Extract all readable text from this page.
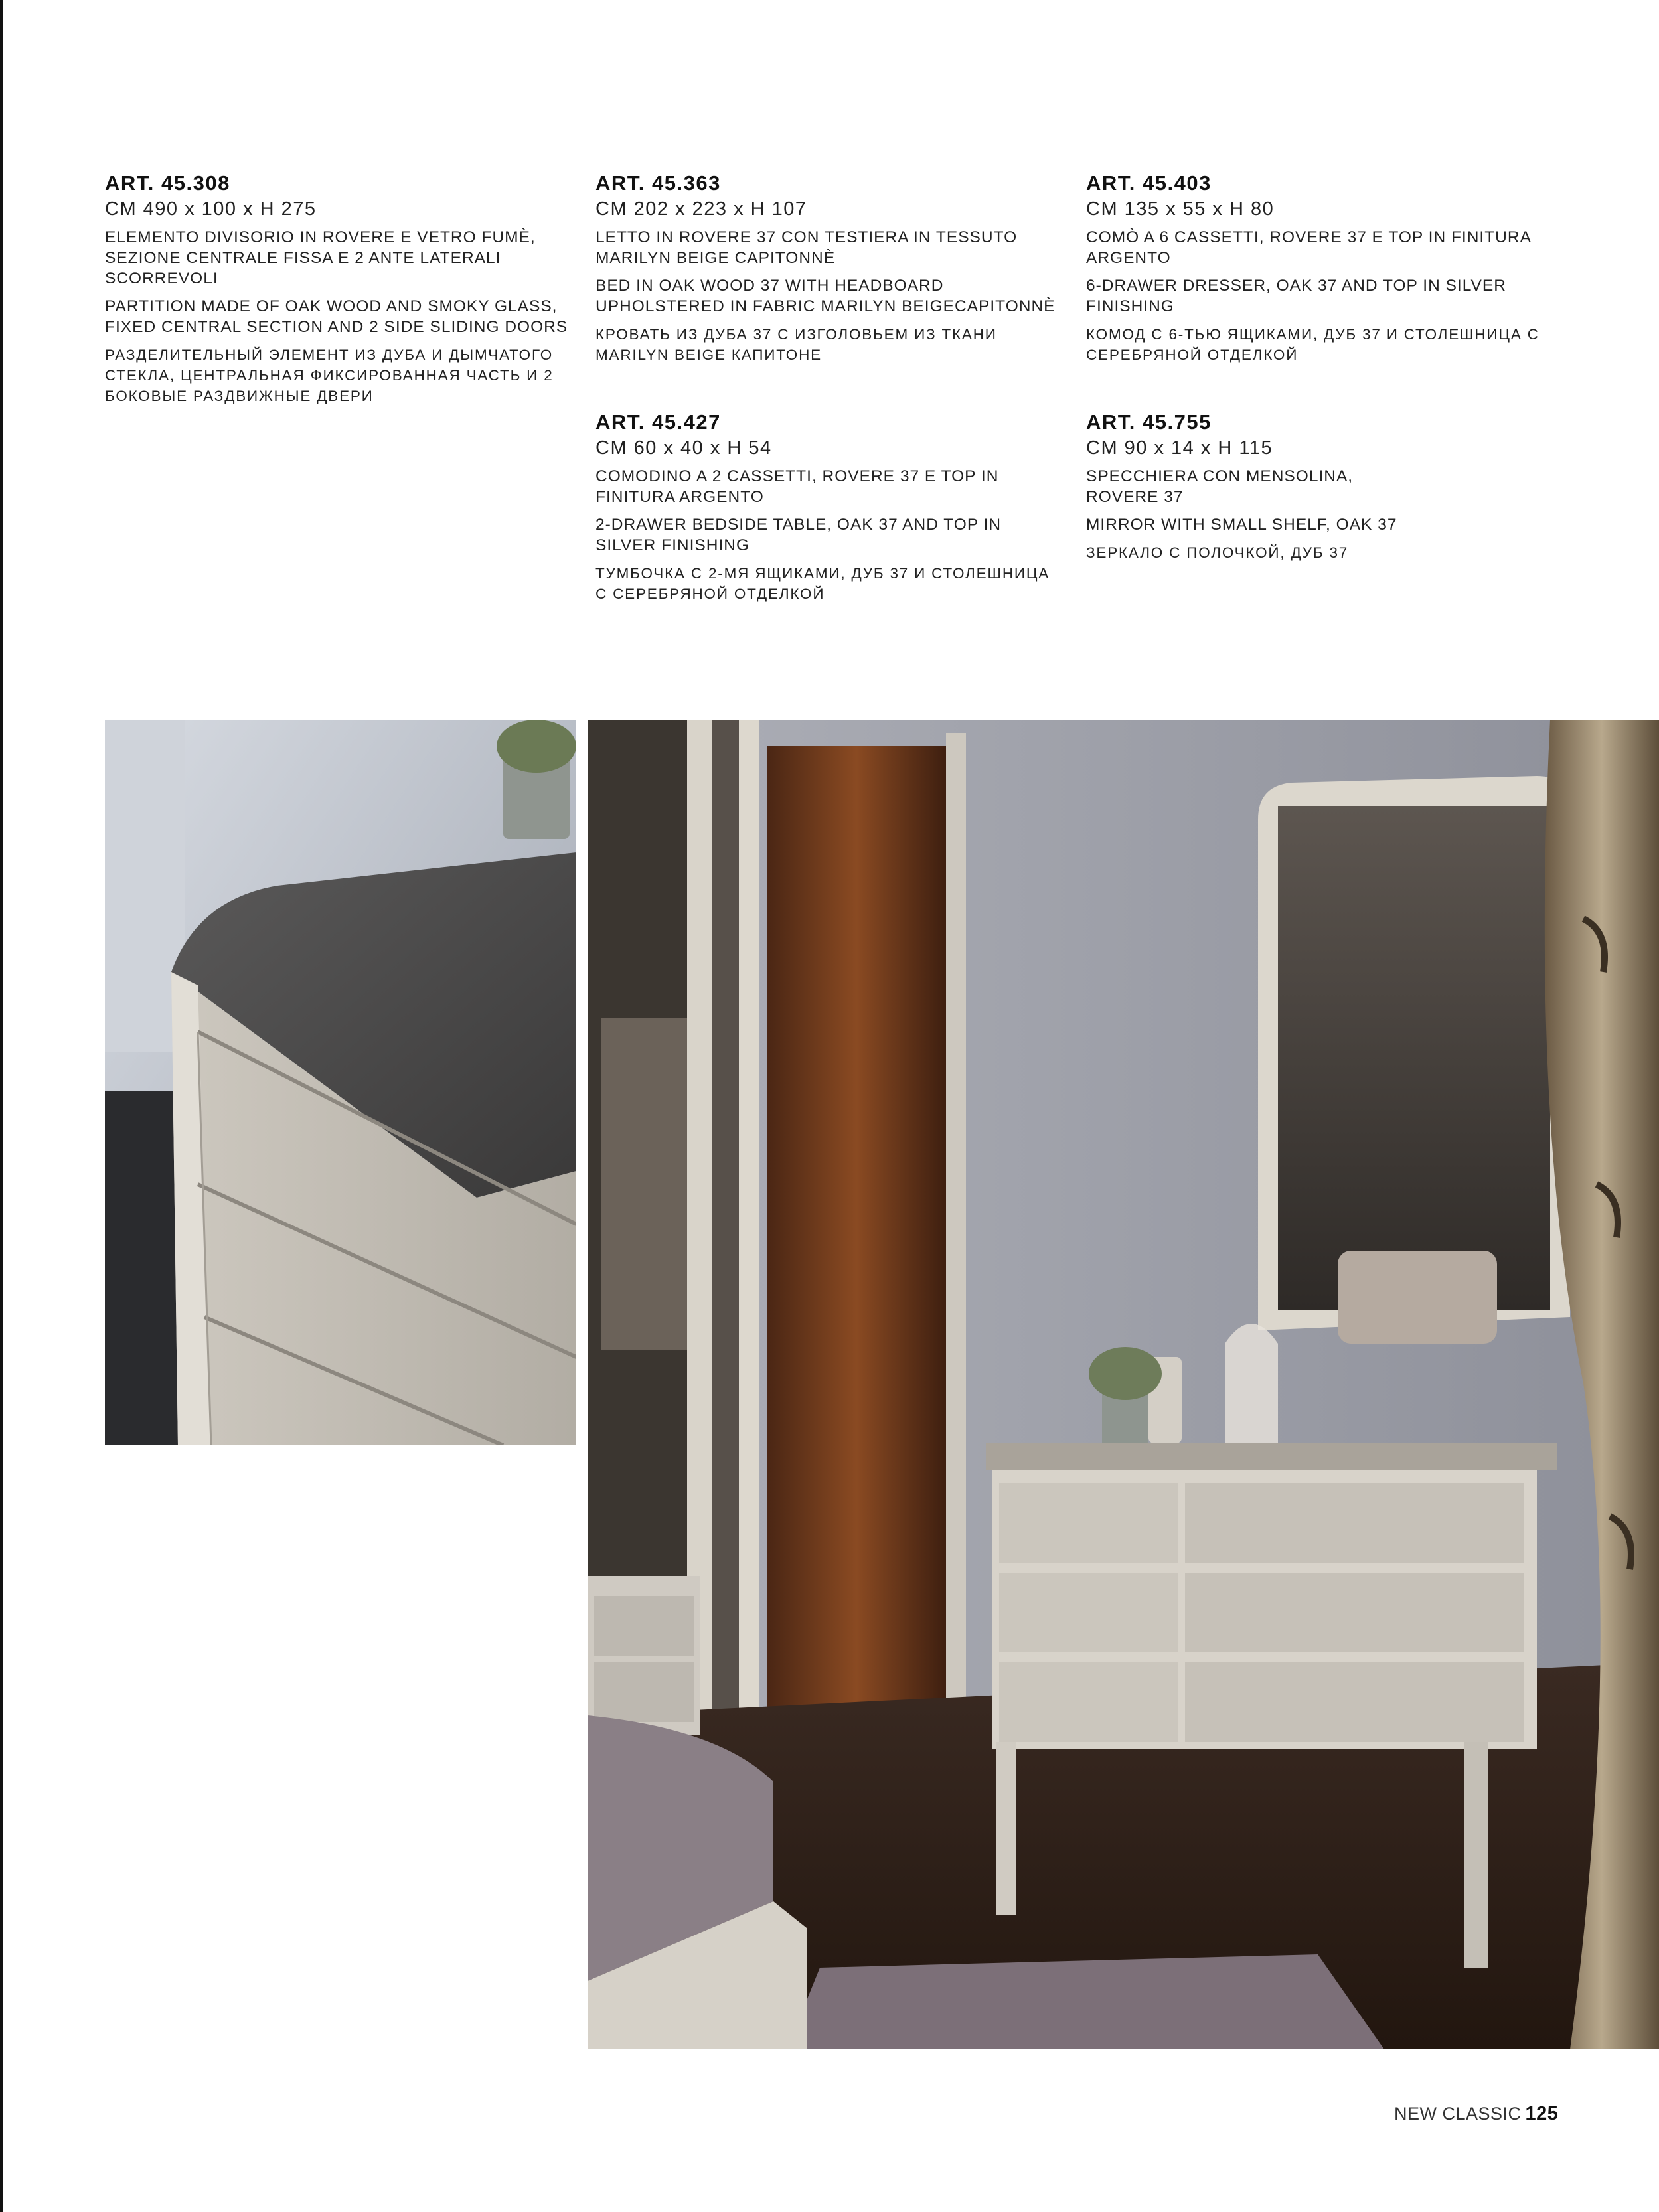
ART. 45.308

CM 490 x 100 x H 275

ELEMENTO DIVISORIO IN ROVERE E VETRO FUMÈ, SEZIONE CENTRALE FISSA E 2 ANTE LATERALI SCORREVOLI

PARTITION MADE OF OAK WOOD AND SMOKY GLASS, FIXED CENTRAL SECTION AND 2 SIDE SLIDING DOORS

РАЗДЕЛИТЕЛЬНЫЙ ЭЛЕМЕНТ ИЗ ДУБА И ДЫМЧАТОГО СТЕКЛА, ЦЕНТРАЛЬНАЯ ФИКСИРОВАННАЯ ЧАСТЬ И 2 БОКОВЫЕ РАЗДВИЖНЫЕ ДВЕРИ

ART. 45.363

CM 202 x 223 x H 107

LETTO IN ROVERE 37 CON TESTIERA IN TESSUTO MARILYN BEIGE CAPITONNÈ

BED IN OAK WOOD 37 WITH HEADBOARD UPHOLSTERED IN FABRIC MARILYN BEIGECAPITONNÈ

КРОВАТЬ ИЗ ДУБА 37 С ИЗГОЛОВЬЕМ ИЗ ТКАНИ MARILYN BEIGE КАПИТОНЕ

ART. 45.427

CM 60 x 40 x H 54

COMODINO A 2 CASSETTI, ROVERE 37 E TOP IN FINITURA ARGENTO

2-DRAWER BEDSIDE TABLE, OAK 37 AND TOP IN SILVER FINISHING

ТУМБОЧКА С 2-МЯ ЯЩИКАМИ, ДУБ 37 И СТОЛЕШНИЦА С СЕРЕБРЯНОЙ ОТДЕЛКОЙ

ART. 45.403

CM 135 x 55 x H 80

COMÒ A 6 CASSETTI, ROVERE 37 E TOP IN FINITURA ARGENTO

6-DRAWER DRESSER, OAK 37 AND TOP IN SILVER FINISHING

КОМОД С 6-ТЬЮ ЯЩИКАМИ, ДУБ 37 И СТОЛЕШНИЦА С СЕРЕБРЯНОЙ ОТДЕЛКОЙ

ART. 45.755

CM 90 x 14 x H 115

SPECCHIERA CON MENSOLINA, ROVERE 37

MIRROR WITH SMALL SHELF, OAK 37

ЗЕРКАЛО С ПОЛОЧКОЙ, ДУБ 37

NEW CLASSIC 125
